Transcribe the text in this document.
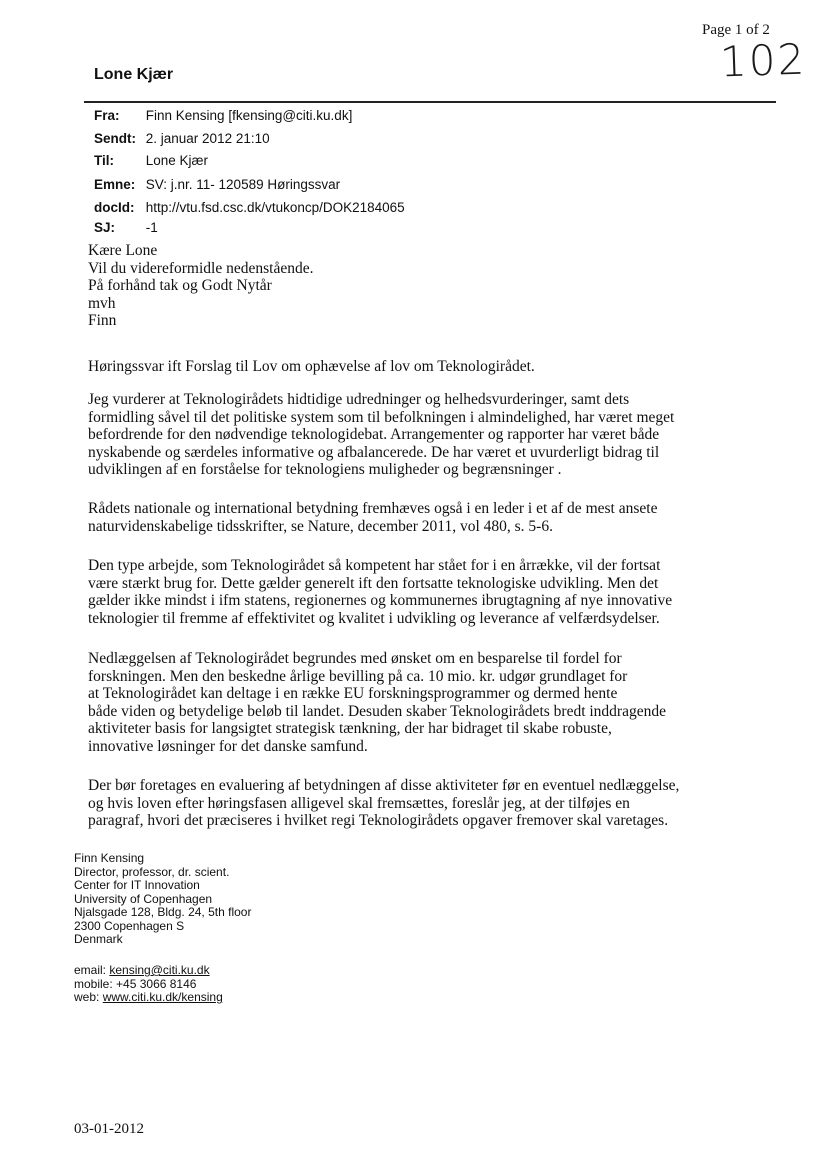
Page 1 of 2
102
Lone Kjær
Fra: Finn Kensing [fkensing@citi.ku.dk]
Sendt: 2. januar 2012 21:10
Til: Lone Kjær
Emne: SV: j.nr. 11- 120589 Høringssvar
docId: http://vtu.fsd.csc.dk/vtukoncp/DOK2184065
SJ: -1
Kære Lone
Vil du videreformidle nedenstående.
På forhånd tak og Godt Nytår
mvh
Finn
Høringssvar ift Forslag til Lov om ophævelse af lov om Teknologirådet.
Jeg vurderer at Teknologirådets hidtidige udredninger og helhedsvurderinger, samt dets
formidling såvel til det politiske system som til befolkningen i almindelighed, har været meget
befordrende for den nødvendige teknologidebat. Arrangementer og rapporter har været både
nyskabende og særdeles informative og afbalancerede. De har været et uvurderligt bidrag til
udviklingen af en forståelse for teknologiens muligheder og begrænsninger .
Rådets nationale og international betydning fremhæves også i en leder i et af de mest ansete
naturvidenskabelige tidsskrifter, se Nature, december 2011, vol 480, s. 5-6.
Den type arbejde, som Teknologirådet så kompetent har stået for i en årrække, vil der fortsat
være stærkt brug for. Dette gælder generelt ift den fortsatte teknologiske udvikling. Men det
gælder ikke mindst i ifm statens, regionernes og kommunernes ibrugtagning af nye innovative
teknologier til fremme af effektivitet og kvalitet i udvikling og leverance af velfærdsydelser.
Nedlæggelsen af Teknologirådet begrundes med ønsket om en besparelse til fordel for
forskningen. Men den beskedne årlige bevilling på ca. 10 mio. kr. udgør grundlaget for
at Teknologirådet kan deltage i en række EU forskningsprogrammer og dermed hente
både viden og betydelige beløb til landet. Desuden skaber Teknologirådets bredt inddragende
aktiviteter basis for langsigtet strategisk tænkning, der har bidraget til skabe robuste,
innovative løsninger for det danske samfund.
Der bør foretages en evaluering af betydningen af disse aktiviteter før en eventuel nedlæggelse,
og hvis loven efter høringsfasen alligevel skal fremsættes, foreslår jeg, at der tilføjes en
paragraf, hvori det præciseres i hvilket regi Teknologirådets opgaver fremover skal varetages.
Finn Kensing
Director, professor, dr. scient.
Center for IT Innovation
University of Copenhagen
Njalsgade 128, Bldg. 24, 5th floor
2300 Copenhagen S
Denmark
email: kensing@citi.ku.dk
mobile: +45 3066 8146
web: www.citi.ku.dk/kensing
03-01-2012
